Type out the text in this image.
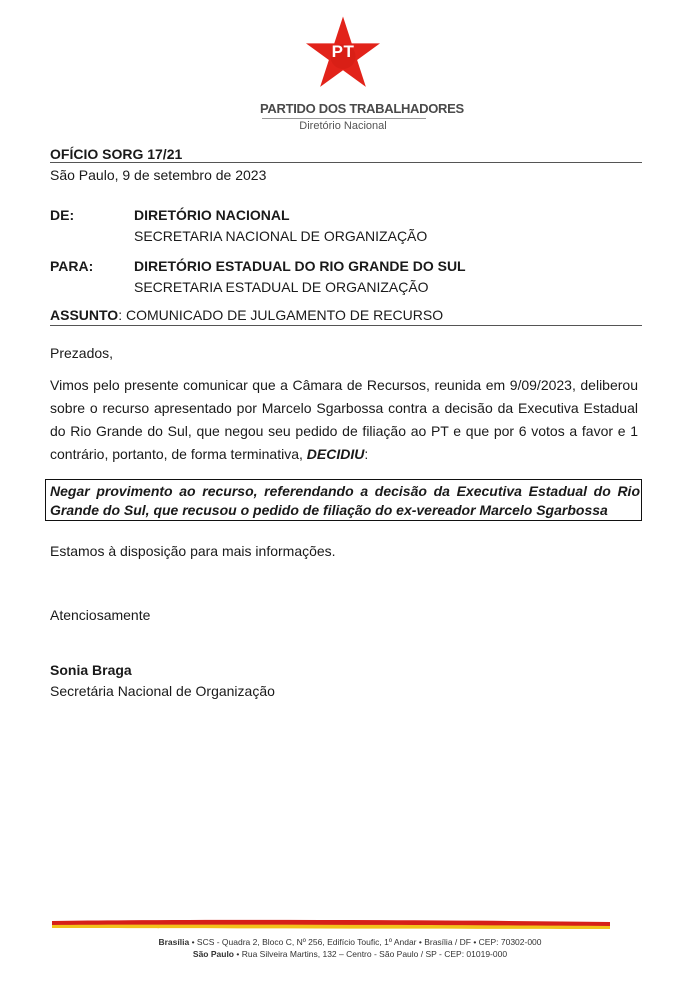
PT
PARTIDO DOS TRABALHADORES
Diretório Nacional
OFÍCIO SORG 17/21
São Paulo, 9 de setembro de 2023
DE:	DIRETÓRIO NACIONAL
SECRETARIA NACIONAL DE ORGANIZAÇÃO
PARA:	DIRETÓRIO ESTADUAL DO RIO GRANDE DO SUL
SECRETARIA ESTADUAL DE ORGANIZAÇÃO
ASSUNTO: COMUNICADO DE JULGAMENTO DE RECURSO
Prezados,
Vimos pelo presente comunicar que a Câmara de Recursos, reunida em 9/09/2023, deliberou sobre o recurso apresentado por Marcelo Sgarbossa contra a decisão da Executiva Estadual do Rio Grande do Sul, que negou seu pedido de filiação ao PT e que por 6 votos a favor e 1 contrário, portanto, de forma terminativa, DECIDIU:
Negar provimento ao recurso, referendando a decisão da Executiva Estadual do Rio Grande do Sul, que recusou o pedido de filiação do ex-vereador Marcelo Sgarbossa
Estamos à disposição para mais informações.
Atenciosamente
Sonia Braga
Secretária Nacional de Organização
Brasília • SCS - Quadra 2, Bloco C, Nº 256, Edifício Toufic, 1º Andar • Brasília / DF • CEP: 70302-000
São Paulo • Rua Silveira Martins, 132 – Centro - São Paulo / SP - CEP: 01019-000
